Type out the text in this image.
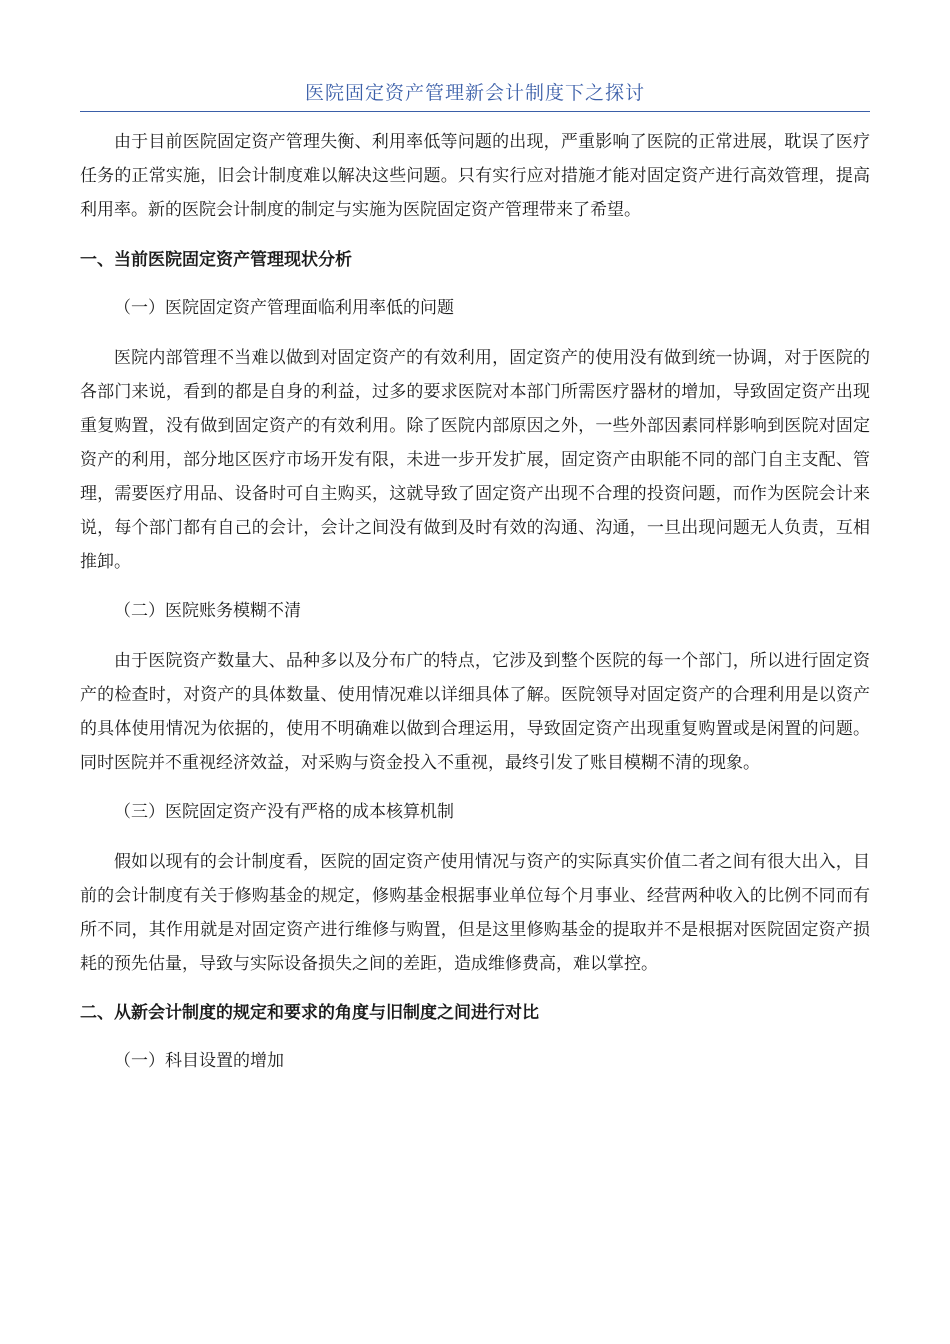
医院固定资产管理新会计制度下之探讨

由于目前医院固定资产管理失衡、利用率低等问题的出现，严重影响了医院的正常进展，耽误了医疗任务的正常实施，旧会计制度难以解决这些问题。只有实行应对措施才能对固定资产进行高效管理，提高利用率。新的医院会计制度的制定与实施为医院固定资产管理带来了希望。

一、当前医院固定资产管理现状分析

（一）医院固定资产管理面临利用率低的问题

医院内部管理不当难以做到对固定资产的有效利用，固定资产的使用没有做到统一协调，对于医院的各部门来说，看到的都是自身的利益，过多的要求医院对本部门所需医疗器材的增加，导致固定资产出现重复购置，没有做到固定资产的有效利用。除了医院内部原因之外，一些外部因素同样影响到医院对固定资产的利用，部分地区医疗市场开发有限，未进一步开发扩展，固定资产由职能不同的部门自主支配、管理，需要医疗用品、设备时可自主购买，这就导致了固定资产出现不合理的投资问题，而作为医院会计来说，每个部门都有自己的会计，会计之间没有做到及时有效的沟通、沟通，一旦出现问题无人负责，互相推卸。

（二）医院账务模糊不清

由于医院资产数量大、品种多以及分布广的特点，它涉及到整个医院的每一个部门，所以进行固定资产的检查时，对资产的具体数量、使用情况难以详细具体了解。医院领导对固定资产的合理利用是以资产的具体使用情况为依据的，使用不明确难以做到合理运用，导致固定资产出现重复购置或是闲置的问题。同时医院并不重视经济效益，对采购与资金投入不重视，最终引发了账目模糊不清的现象。

（三）医院固定资产没有严格的成本核算机制

假如以现有的会计制度看，医院的固定资产使用情况与资产的实际真实价值二者之间有很大出入，目前的会计制度有关于修购基金的规定，修购基金根据事业单位每个月事业、经营两种收入的比例不同而有所不同，其作用就是对固定资产进行维修与购置，但是这里修购基金的提取并不是根据对医院固定资产损耗的预先估量，导致与实际设备损失之间的差距，造成维修费高，难以掌控。

二、从新会计制度的规定和要求的角度与旧制度之间进行对比

（一）科目设置的增加
